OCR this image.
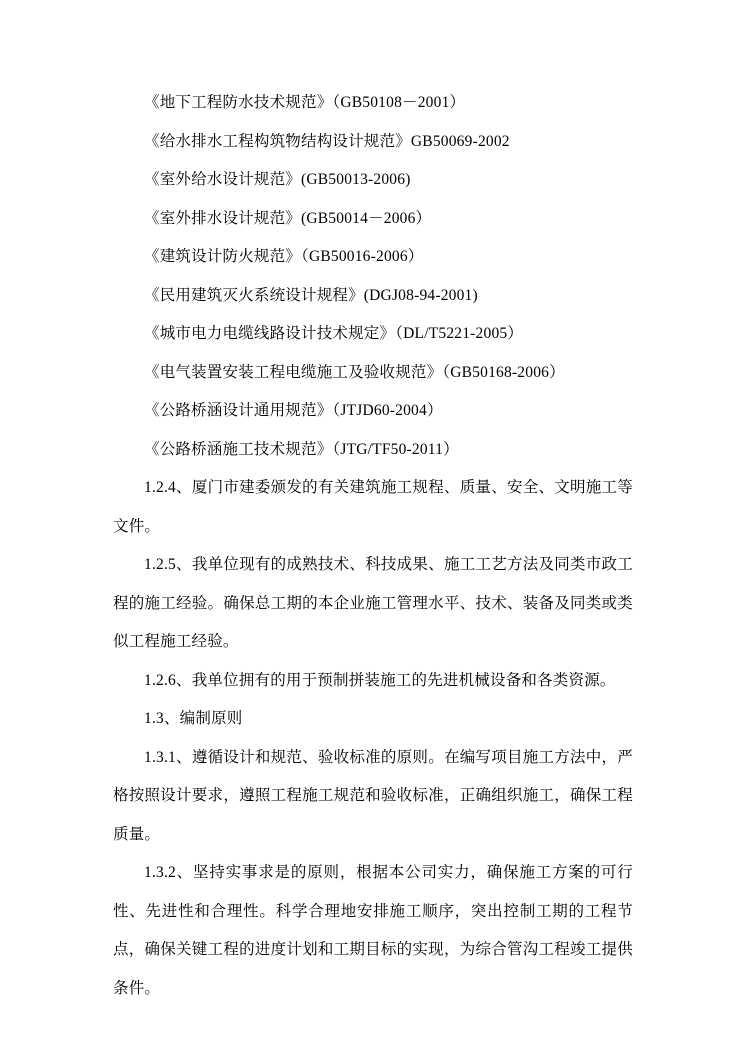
《地下工程防水技术规范》（GB50108－2001）

《给水排水工程构筑物结构设计规范》GB50069-2002

《室外给水设计规范》(GB50013-2006)

《室外排水设计规范》(GB50014－2006）

《建筑设计防火规范》（GB50016-2006）

《民用建筑灭火系统设计规程》(DGJ08-94-2001)

《城市电力电缆线路设计技术规定》（DL/T5221-2005）

《电气装置安装工程电缆施工及验收规范》（GB50168-2006）

《公路桥涵设计通用规范》（JTJD60-2004）

《公路桥涵施工技术规范》（JTG/TF50-2011）

1.2.4、厦门市建委颁发的有关建筑施工规程、质量、安全、文明施工等文件。

1.2.5、我单位现有的成熟技术、科技成果、施工工艺方法及同类市政工程的施工经验。确保总工期的本企业施工管理水平、技术、装备及同类或类似工程施工经验。

1.2.6、我单位拥有的用于预制拼装施工的先进机械设备和各类资源。

1.3、编制原则

1.3.1、遵循设计和规范、验收标准的原则。在编写项目施工方法中，严格按照设计要求，遵照工程施工规范和验收标准，正确组织施工，确保工程质量。

1.3.2、坚持实事求是的原则，根据本公司实力，确保施工方案的可行性、先进性和合理性。科学合理地安排施工顺序，突出控制工期的工程节点，确保关键工程的进度计划和工期目标的实现，为综合管沟工程竣工提供条件。
